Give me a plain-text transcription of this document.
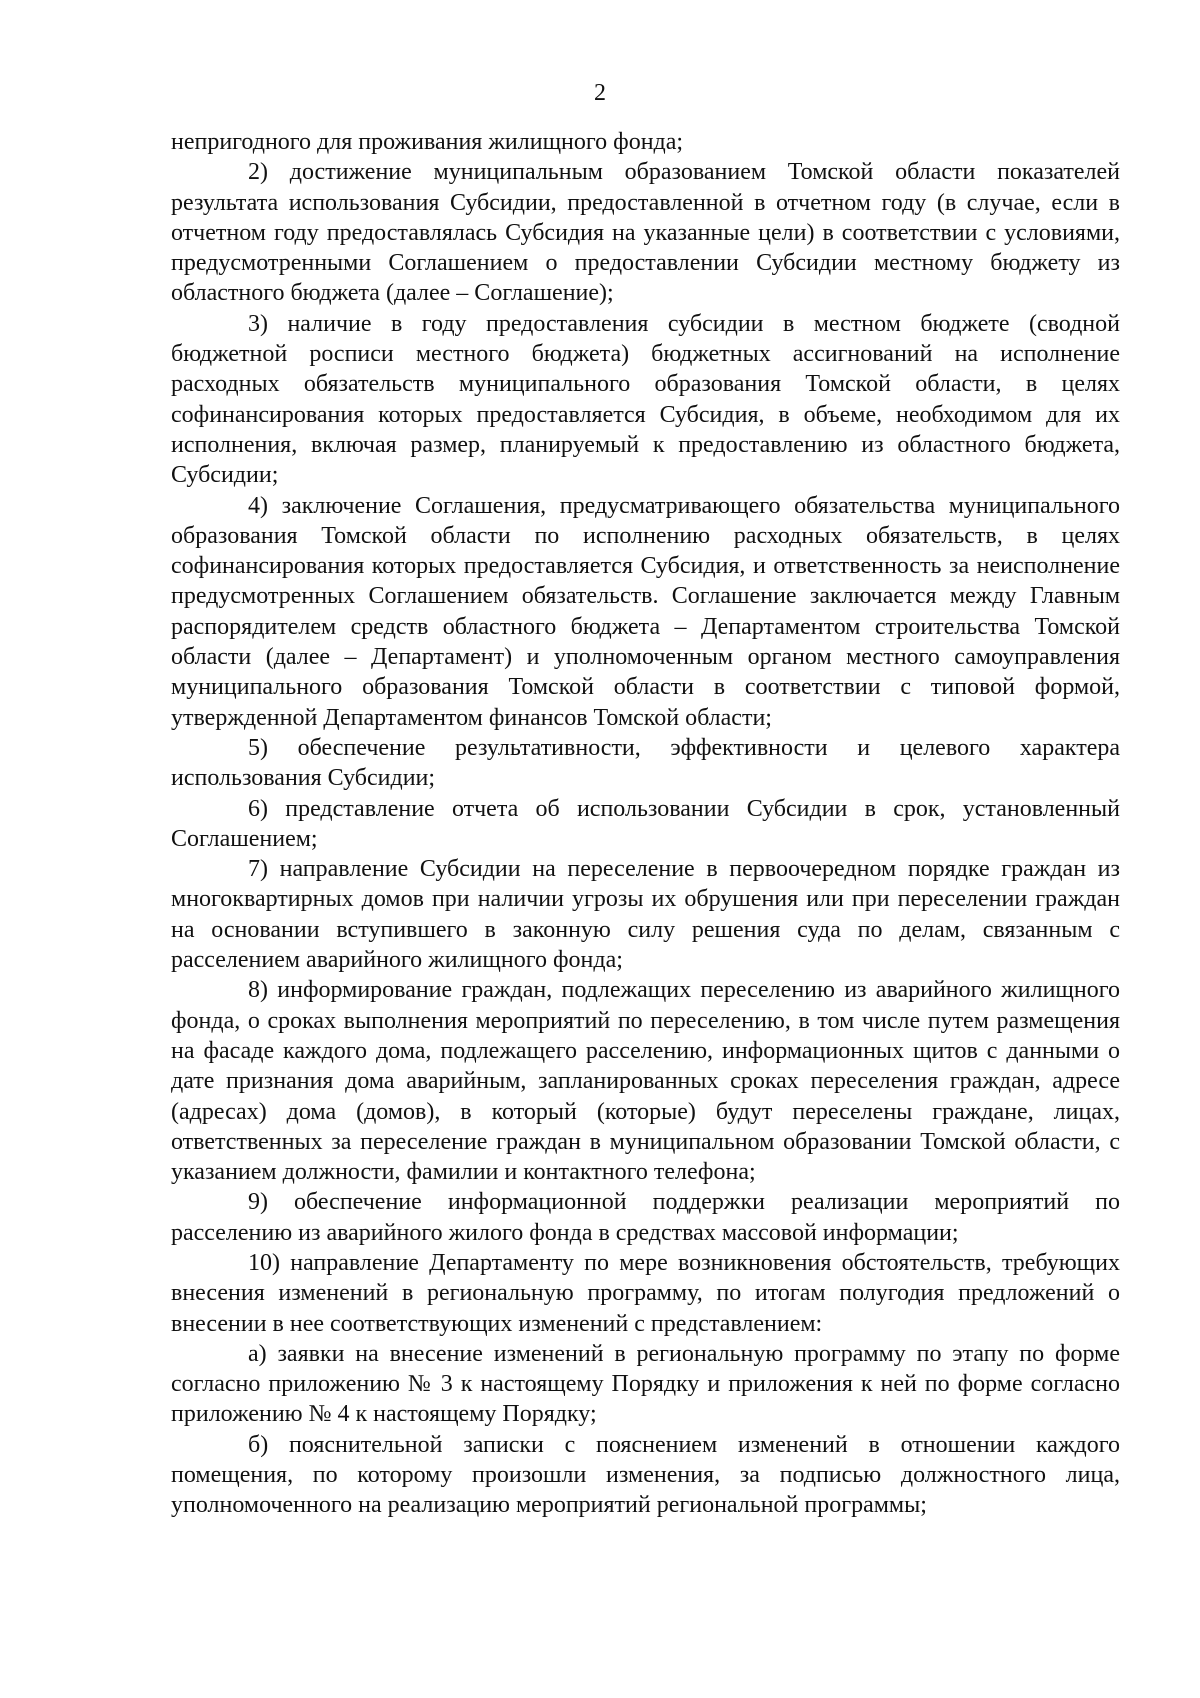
2

непригодного для проживания жилищного фонда;

2) достижение муниципальным образованием Томской области показателей результата использования Субсидии, предоставленной в отчетном году (в случае, если в отчетном году предоставлялась Субсидия на указанные цели) в соответствии с условиями, предусмотренными Соглашением о предоставлении Субсидии местному бюджету из областного бюджета (далее – Соглашение);

3) наличие в году предоставления субсидии в местном бюджете (сводной бюджетной росписи местного бюджета) бюджетных ассигнований на исполнение расходных обязательств муниципального образования Томской области, в целях софинансирования которых предоставляется Субсидия, в объеме, необходимом для их исполнения, включая размер, планируемый к предоставлению из областного бюджета, Субсидии;

4) заключение Соглашения, предусматривающего обязательства муниципального образования Томской области по исполнению расходных обязательств, в целях софинансирования которых предоставляется Субсидия, и ответственность за неисполнение предусмотренных Соглашением обязательств. Соглашение заключается между Главным распорядителем средств областного бюджета – Департаментом строительства Томской области (далее – Департамент) и уполномоченным органом местного самоуправления муниципального образования Томской области в соответствии с типовой формой, утвержденной Департаментом финансов Томской области;

5) обеспечение результативности, эффективности и целевого характера использования Субсидии;

6) представление отчета об использовании Субсидии в срок, установленный Соглашением;

7) направление Субсидии на переселение в первоочередном порядке граждан из многоквартирных домов при наличии угрозы их обрушения или при переселении граждан на основании вступившего в законную силу решения суда по делам, связанным с расселением аварийного жилищного фонда;

8) информирование граждан, подлежащих переселению из аварийного жилищного фонда, о сроках выполнения мероприятий по переселению, в том числе путем размещения на фасаде каждого дома, подлежащего расселению, информационных щитов с данными о дате признания дома аварийным, запланированных сроках переселения граждан, адресе (адресах) дома (домов), в который (которые) будут переселены граждане, лицах, ответственных за переселение граждан в муниципальном образовании Томской области, с указанием должности, фамилии и контактного телефона;

9) обеспечение информационной поддержки реализации мероприятий по расселению из аварийного жилого фонда в средствах массовой информации;

10) направление Департаменту по мере возникновения обстоятельств, требующих внесения изменений в региональную программу, по итогам полугодия предложений о внесении в нее соответствующих изменений с представлением:

а) заявки на внесение изменений в региональную программу по этапу по форме согласно приложению № 3 к настоящему Порядку и приложения к ней по форме согласно приложению № 4 к настоящему Порядку;

б) пояснительной записки с пояснением изменений в отношении каждого помещения, по которому произошли изменения, за подписью должностного лица, уполномоченного на реализацию мероприятий региональной программы;
